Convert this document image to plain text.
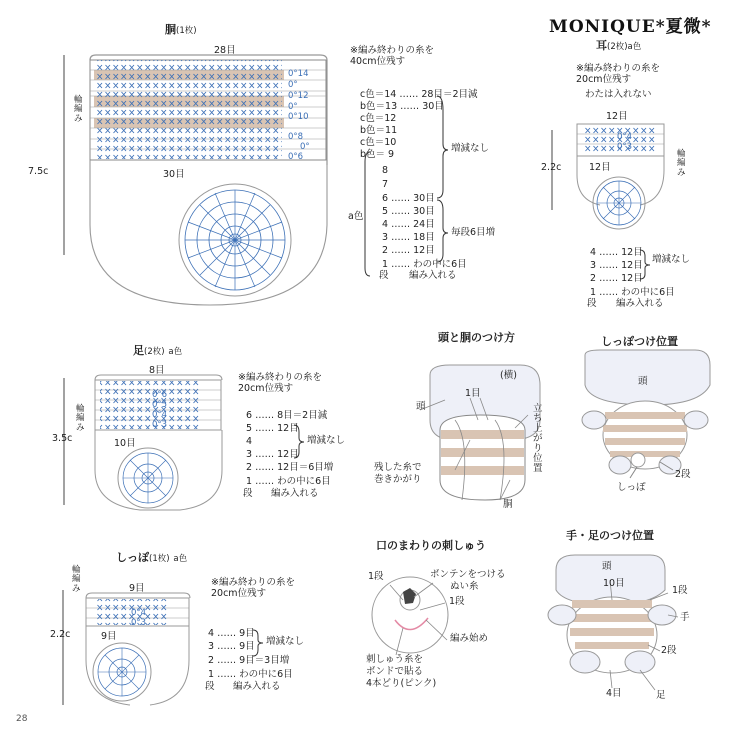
MONIQUE*夏微*
胴(1枚)
28目
30目
7.5c
輪編み
0°14
0°
0°12
0°
0°10
0°8
0°6
0°
※編み終わりの糸を40cm位残す
c色＝14 …… 28目＝2目減
b色＝13 …… 30目
c色＝12
b色＝11
c色＝10
b色＝ 9
8
7
6 …… 30目
5 …… 30目
4 …… 24目
3 …… 18目
2 …… 12目
1 …… わの中に6目
段 編み入れる
a色
増減なし
毎段6目増
耳(2枚)a色
※編み終わりの糸を20cm位残す
わたは入れない
12目
12目
2.2c
輪編み
0°4
0°3
4 …… 12目
3 …… 12目
2 …… 12目
1 …… わの中に6目
段 編み入れる
増減なし
足(2枚) a色
8目
10目
3.5c
輪編み
0°6
0°5
0°4
0°3
※編み終わりの糸を20cm位残す
6 …… 8目＝2目減
5 …… 12目
4
3 …… 12目
2 …… 12目＝6目増
1 …… わの中に6目
段 編み入れる
増減なし
しっぽ(1枚) a色
9目
9目
2.2c
輪編み
0°4
0°3
※編み終わりの糸を20cm位残す
4 …… 9目
3 …… 9目
2 …… 9目＝3目増
1 …… わの中に6目
段 編み入れる
増減なし
頭と胴のつけ方
頭
(横)
1目
立ち上がり位置
残した糸で
巻きかがり
胴
しっぽつけ位置
頭
2段
しっぽ
口のまわりの刺しゅう
1段	ボンテンをつける
ぬい糸
1段
編み始め
刺しゅう糸を
ボンドで貼る
4本どり(ピンク)
手・足のつけ位置
頭
10目
1段
手
2段
4目	足
28
